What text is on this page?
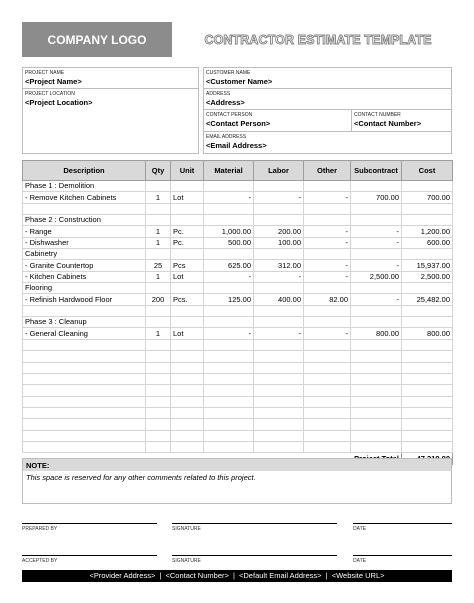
COMPANY LOGO	CONTRACTOR ESTIMATE TEMPLATE
PROJECT NAME
<Project Name>
PROJECT LOCATION
<Project Location>
CUSTOMER NAME
<Customer Name>
ADDRESS
<Address>
CONTACT PERSON
<Contact Person>
CONTACT NUMBER
<Contact Number>
EMAIL ADDRESS
<Email Address>
Description	Qty	Unit	Material	Labor	Other	Subcontract	Cost
Phase 1 : Demolition							
- Remove Kitchen Cabinets	1	Lot	-	-	-	700.00	700.00

Phase 2 : Construction							
- Range	1	Pc.	1,000.00	200.00	-	-	1,200.00
- Dishwasher	1	Pc.	500.00	100.00	-	-	600.00
Cabinetry							
- Granite Countertop	25	Pcs	625.00	312.00	-	-	15,937.00
- Kitchen Cabinets	1	Lot	-	-	-	2,500.00	2,500.00
Flooring							
- Refinish Hardwood Floor	200	Pcs.	125.00	400.00	82.00	-	25,482.00

Phase 3 : Cleanup							
- General Cleaning	1	Lot	-	-	-	800.00	800.00

NOTE:
This space is reserved for any other comments related to this project.
PREPARED BY	SIGNATURE	DATE
ACCEPTED BY	SIGNATURE	DATE
<Provider Address> | <Contact Number> | <Default Email Address> | <Website URL>
